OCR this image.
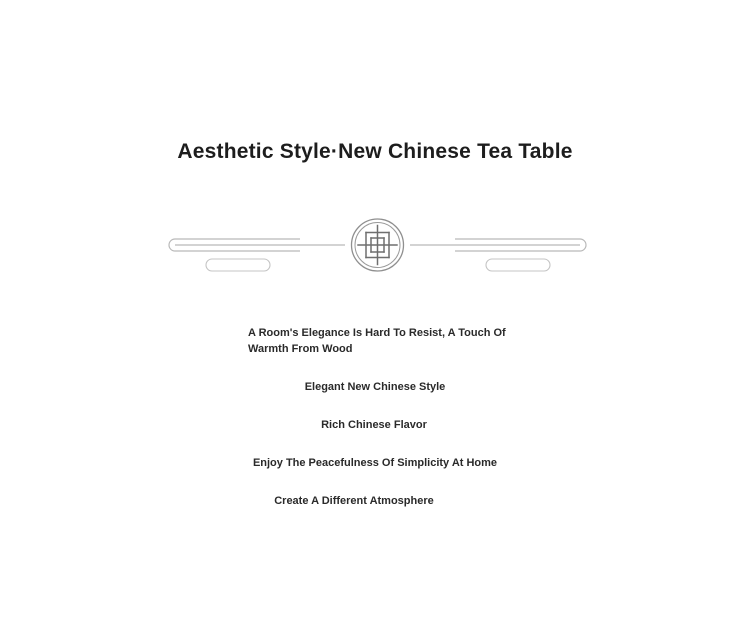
Aesthetic Style·New Chinese Tea Table
A Room's Elegance Is Hard To Resist, A Touch Of
Warmth From Wood
Elegant New Chinese Style
Rich Chinese Flavor
Enjoy The Peacefulness Of Simplicity At Home
Create A Different Atmosphere
